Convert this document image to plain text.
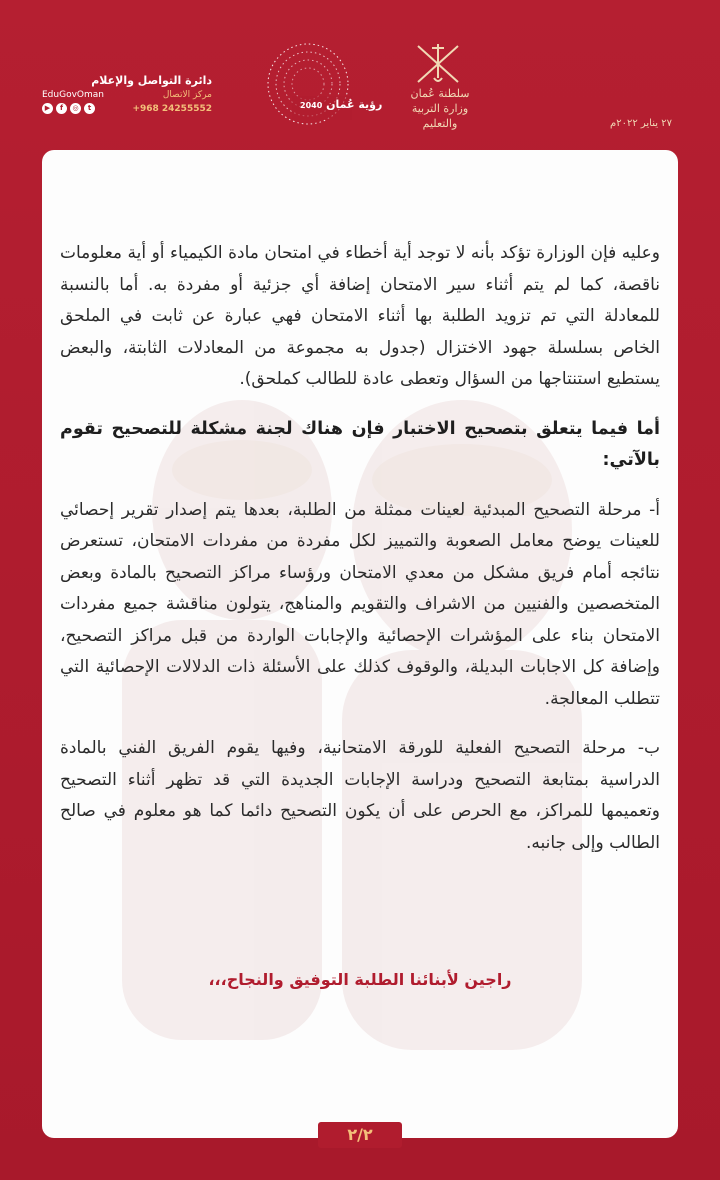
دائرة التواصل والإعلام
EduGovOman	مركز الاتصال
▶	f	◎	t	+968 24255552	رؤية عُمان 2040
سلطنة عُمان
وزارة التربية والتعليم	٢٧ يناير ٢٠٢٢م

وعليه فإن الوزارة تؤكد بأنه لا توجد أية أخطاء في امتحان مادة الكيمياء أو أية معلومات ناقصة، كما لم يتم أثناء سير الامتحان إضافة أي جزئية أو مفردة به. أما بالنسبة للمعادلة التي تم تزويد الطلبة بها أثناء الامتحان فهي عبارة عن ثابت في الملحق الخاص بسلسلة جهود الاختزال (جدول به مجموعة من المعادلات الثابتة، والبعض يستطيع استنتاجها من السؤال وتعطى عادة للطالب كملحق).

أما فيما يتعلق بتصحيح الاختبار فإن هناك لجنة مشكلة للتصحيح تقوم بالآتي:

أ- مرحلة التصحيح المبدئية لعينات ممثلة من الطلبة، بعدها يتم إصدار تقرير إحصائي للعينات يوضح معامل الصعوبة والتمييز لكل مفردة من مفردات الامتحان، تستعرض نتائجه أمام فريق مشكل من معدي الامتحان ورؤساء مراكز التصحيح بالمادة وبعض المتخصصين والفنيين من الاشراف والتقويم والمناهج، يتولون مناقشة جميع مفردات الامتحان بناء على المؤشرات الإحصائية والإجابات الواردة من قبل مراكز التصحيح، وإضافة كل الاجابات البديلة، والوقوف كذلك على الأسئلة ذات الدلالات الإحصائية التي تتطلب المعالجة.

ب- مرحلة التصحيح الفعلية للورقة الامتحانية، وفيها يقوم الفريق الفني بالمادة الدراسية بمتابعة التصحيح ودراسة الإجابات الجديدة التي قد تظهر أثناء التصحيح وتعميمها للمراكز، مع الحرص على أن يكون التصحيح دائما كما هو معلوم في صالح الطالب وإلى جانبه.

راجين لأبنائنا الطلبة التوفيق والنجاح،،،
٢/٢
